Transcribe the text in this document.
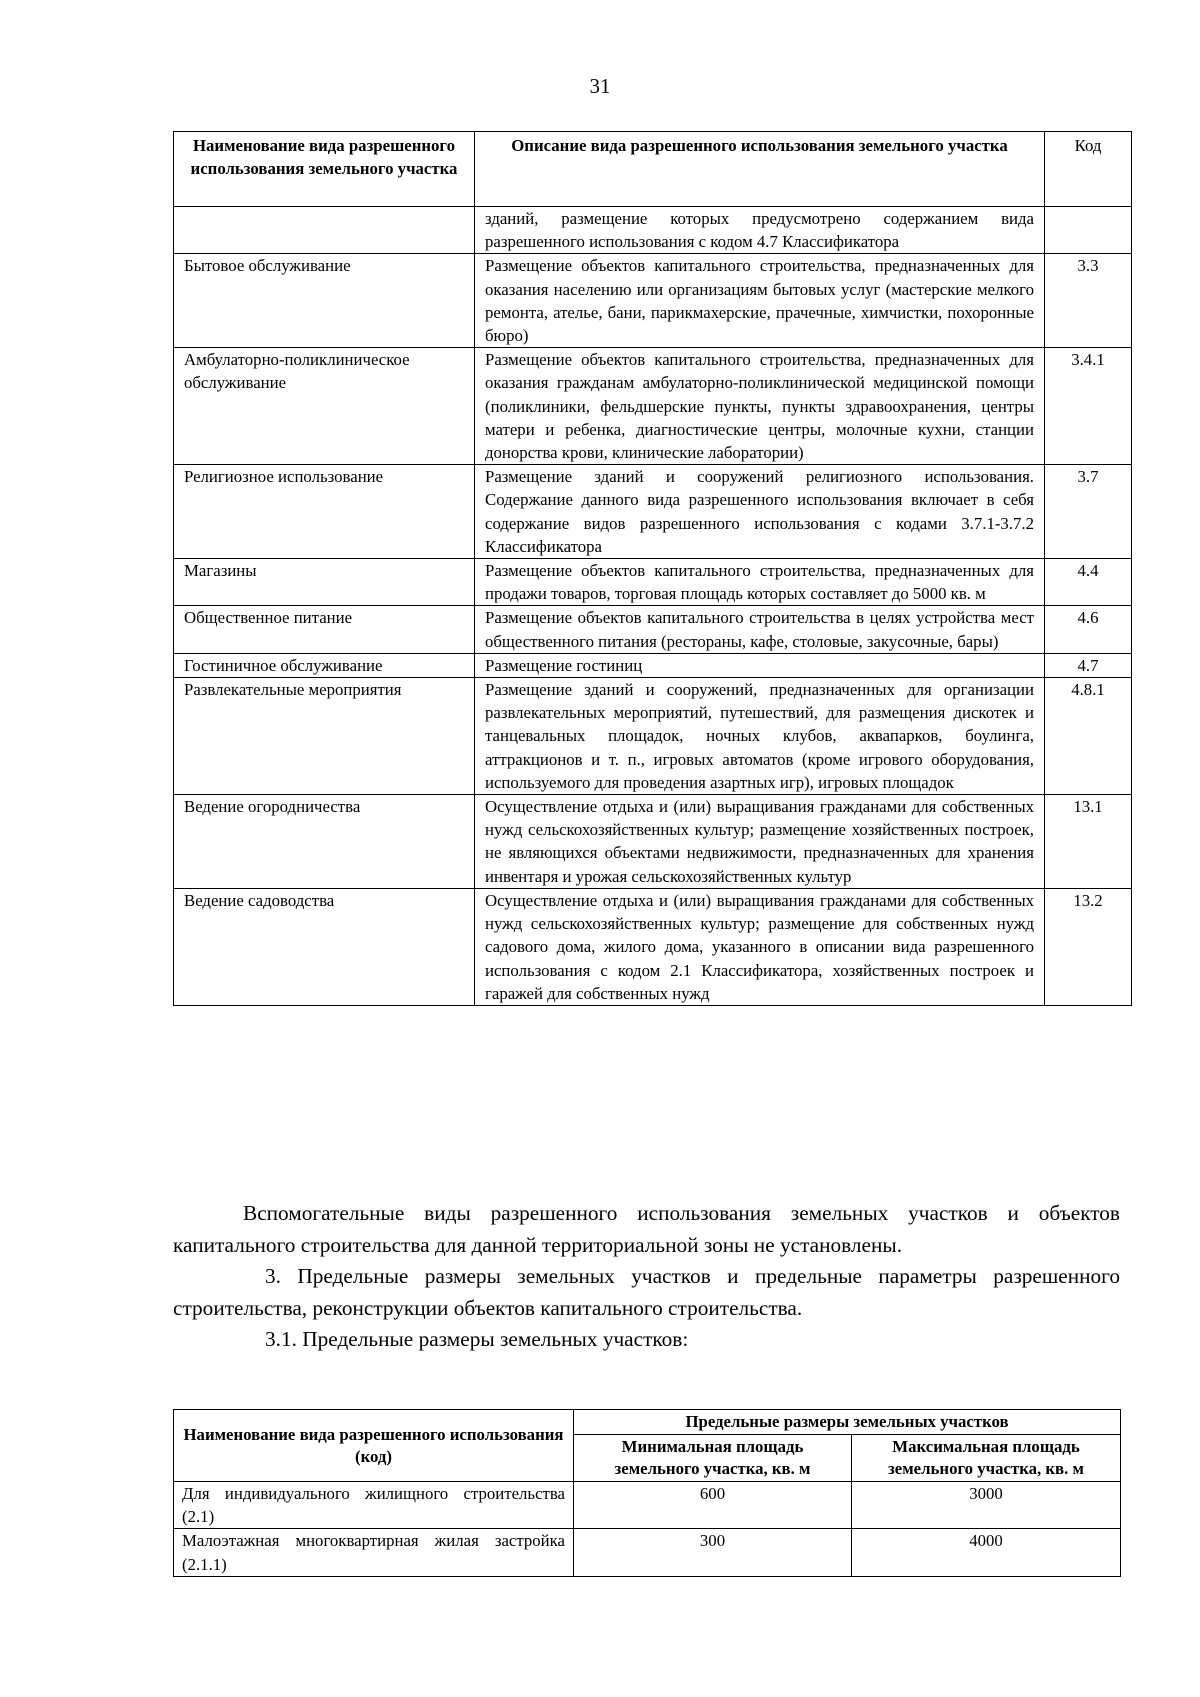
31
Наименование вида разрешенного использования земельного участка	Описание вида разрешенного использования земельного участка	Код
	зданий, размещение которых предусмотрено содержанием вида разрешенного использования с кодом 4.7 Классификатора	
Бытовое обслуживание	Размещение объектов капитального строительства, предназначенных для оказания населению или организациям бытовых услуг (мастерские мелкого ремонта, ателье, бани, парикмахерские, прачечные, химчистки, похоронные бюро)	3.3
Амбулаторно-поликлиническое обслуживание	Размещение объектов капитального строительства, предназначенных для оказания гражданам амбулаторно-поликлинической медицинской помощи (поликлиники, фельдшерские пункты, пункты здравоохранения, центры матери и ребенка, диагностические центры, молочные кухни, станции донорства крови, клинические лаборатории)	3.4.1
Религиозное использование	Размещение зданий и сооружений религиозного использования. Содержание данного вида разрешенного использования включает в себя содержание видов разрешенного использования с кодами 3.7.1-3.7.2 Классификатора	3.7
Магазины	Размещение объектов капитального строительства, предназначенных для продажи товаров, торговая площадь которых составляет до 5000 кв. м	4.4
Общественное питание	Размещение объектов капитального строительства в целях устройства мест общественного питания (рестораны, кафе, столовые, закусочные, бары)	4.6
Гостиничное обслуживание	Размещение гостиниц	4.7
Развлекательные мероприятия	Размещение зданий и сооружений, предназначенных для организации развлекательных мероприятий, путешествий, для размещения дискотек и танцевальных площадок, ночных клубов, аквапарков, боулинга, аттракционов и т. п., игровых автоматов (кроме игрового оборудования, используемого для проведения азартных игр), игровых площадок	4.8.1
Ведение огородничества	Осуществление отдыха и (или) выращивания гражданами для собственных нужд сельскохозяйственных культур; размещение хозяйственных построек, не являющихся объектами недвижимости, предназначенных для хранения инвентаря и урожая сельскохозяйственных культур	13.1
Ведение садоводства	Осуществление отдыха и (или) выращивания гражданами для собственных нужд сельскохозяйственных культур; размещение для собственных нужд садового дома, жилого дома, указанного в описании вида разрешенного использования с кодом 2.1 Классификатора, хозяйственных построек и гаражей для собственных нужд	13.2

Вспомогательные виды разрешенного использования земельных участков и объектов капитального строительства для данной территориальной зоны не установлены.

3. Предельные размеры земельных участков и предельные параметры разрешенного строительства, реконструкции объектов капитального строительства.

3.1. Предельные размеры земельных участков:

Наименование вида разрешенного использования (код)	Предельные размеры земельных участков	
	Минимальная площадь земельного участка, кв. м	Максимальная площадь земельного участка, кв. м
Для индивидуального жилищного строительства (2.1)	600	3000
Малоэтажная многоквартирная жилая застройка (2.1.1)	300	4000
